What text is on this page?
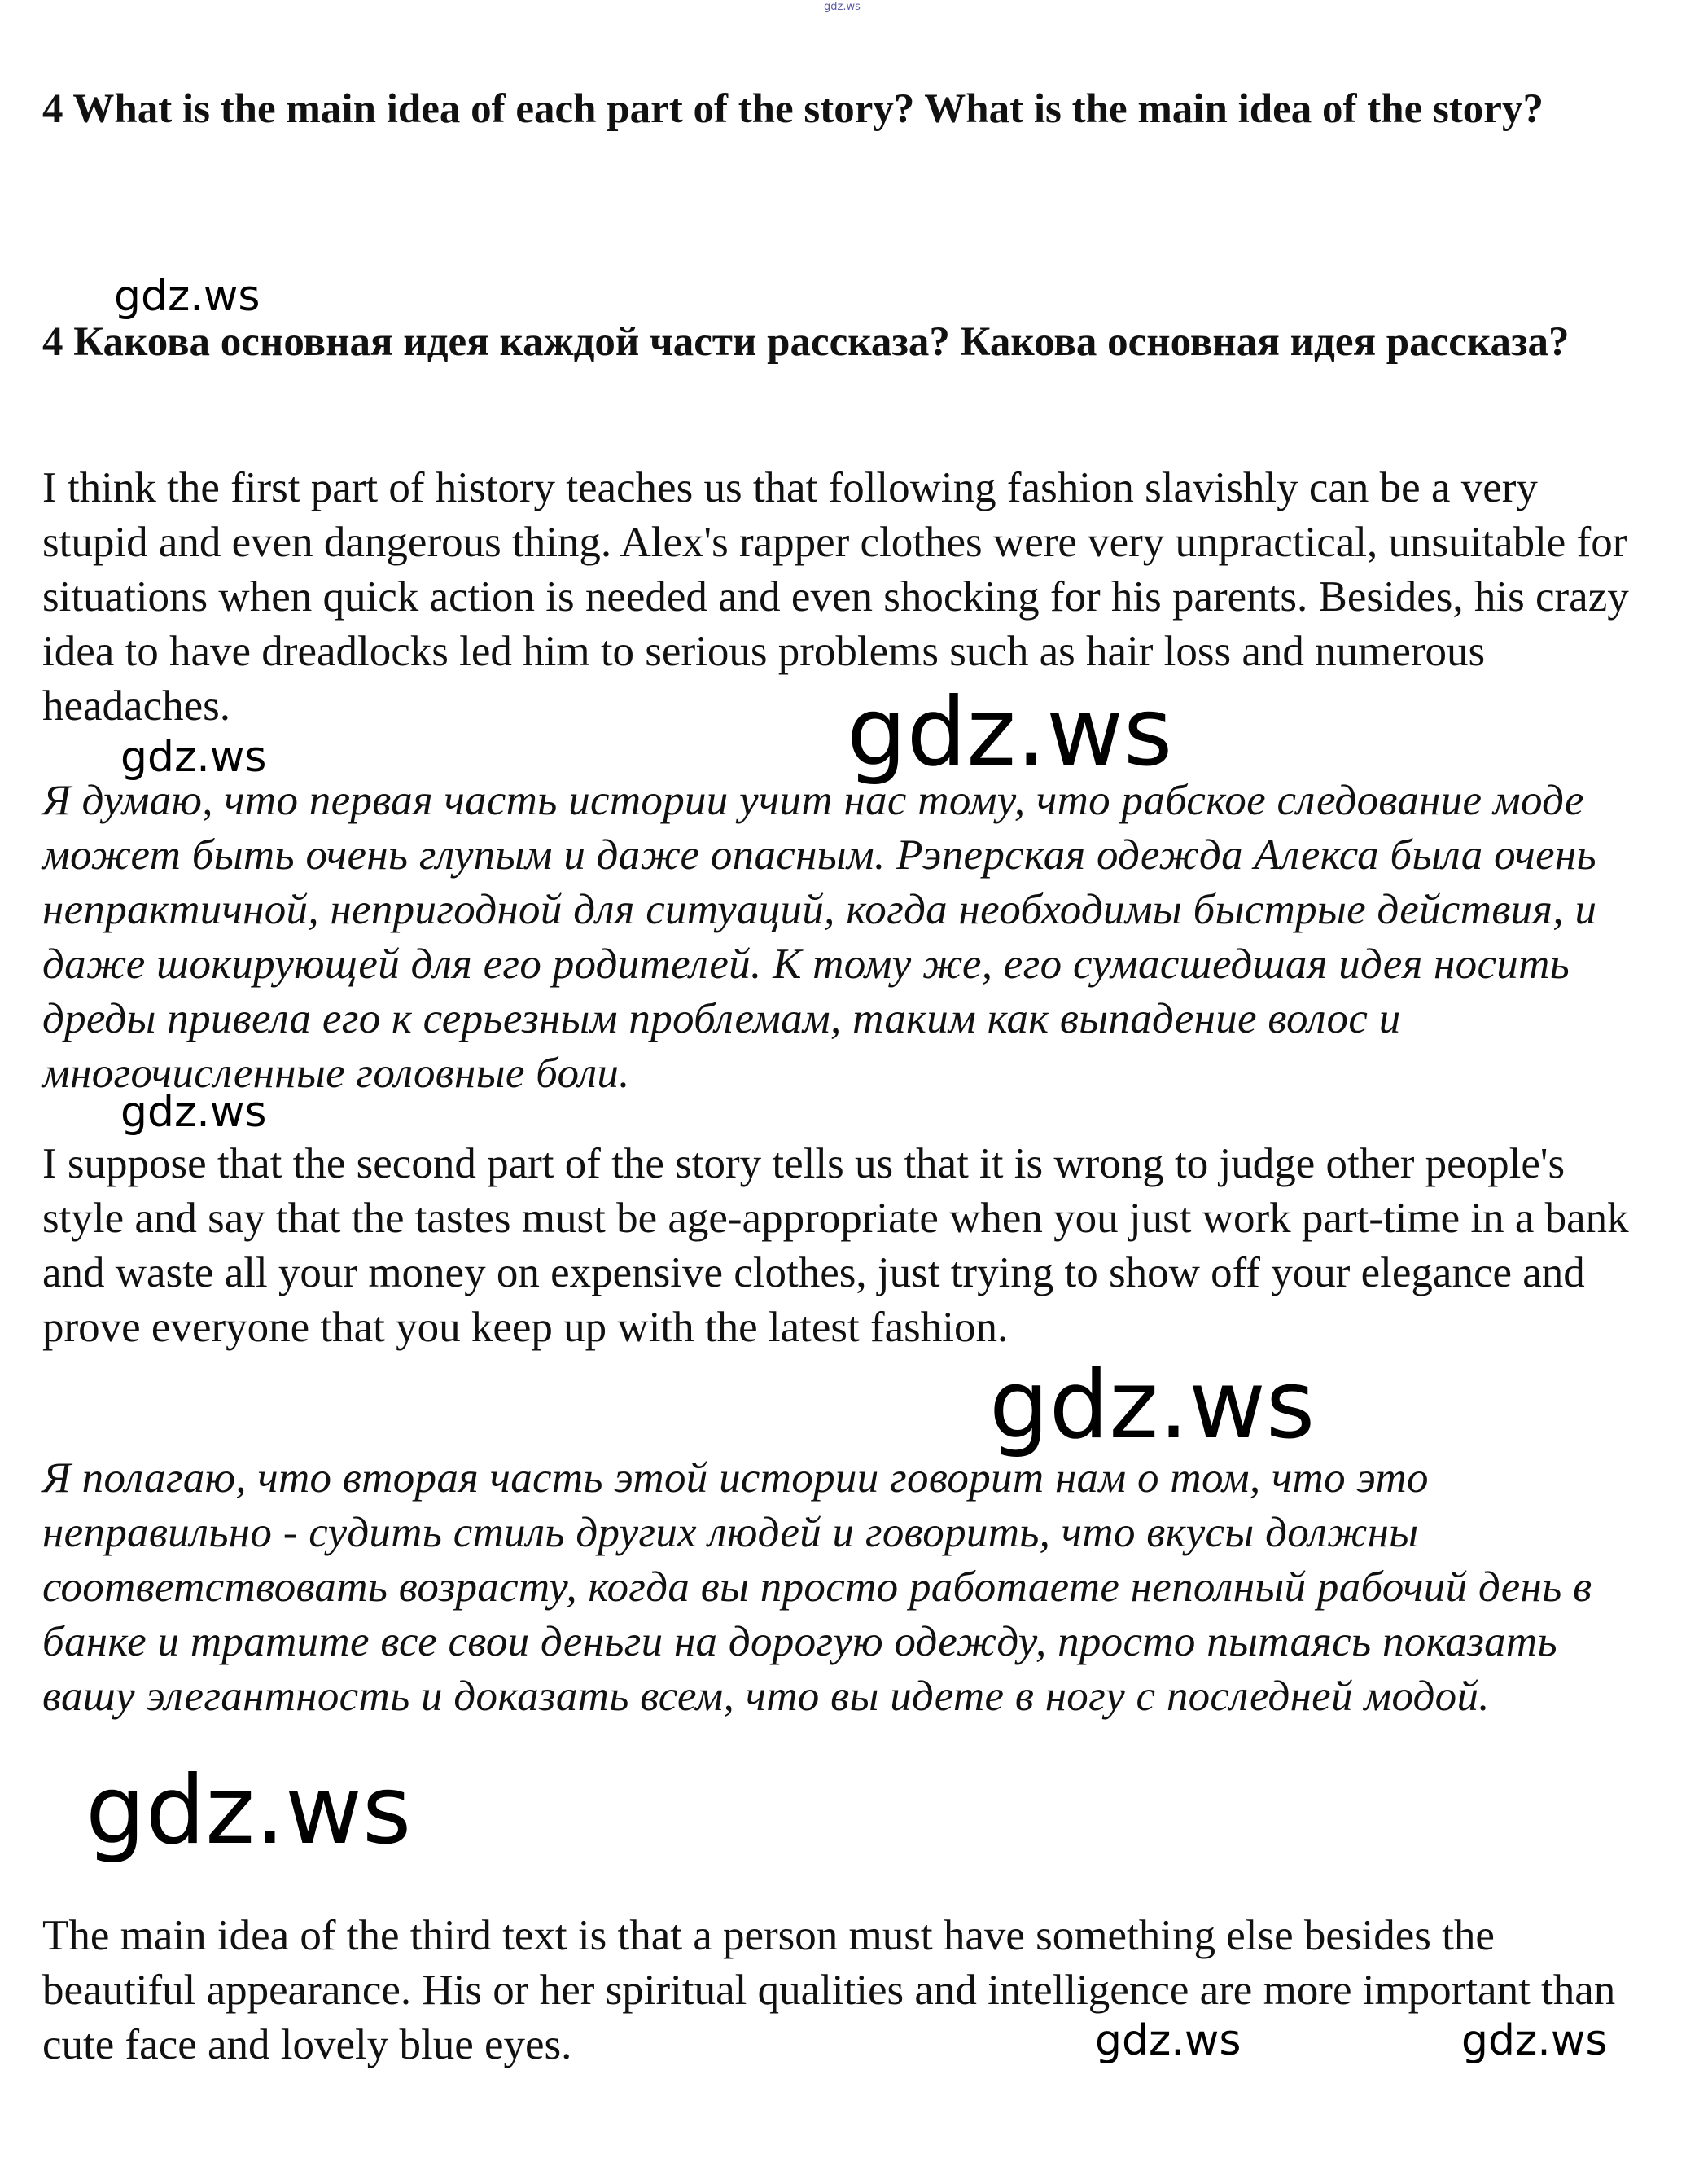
gdz.ws
4 What is the main idea of each part of the story? What is the main idea of the story?
gdz.ws
4 Какова основная идея каждой части рассказа? Какова основная идея рассказа?
I think the first part of history teaches us that following fashion slavishly can be a very stupid and even dangerous thing. Alex's rapper clothes were very unpractical, unsuitable for situations when quick action is needed and even shocking for his parents. Besides, his crazy idea to have dreadlocks led him to serious problems such as hair loss and numerous headaches.	gdz.ws
gdz.ws
Я думаю, что первая часть истории учит нас тому, что рабское следование моде может быть очень глупым и даже опасным. Рэперская одежда Алекса была очень непрактичной, непригодной для ситуаций, когда необходимы быстрые действия, и даже шокирующей для его родителей. К тому же, его сумасшедшая идея носить дреды привела его к серьезным проблемам, таким как выпадение волос и многочисленные головные боли.
gdz.ws
I suppose that the second part of the story tells us that it is wrong to judge other people's style and say that the tastes must be age-appropriate when you just work part-time in a bank and waste all your money on expensive clothes, just trying to show off your elegance and prove everyone that you keep up with the latest fashion.
gdz.ws
Я полагаю, что вторая часть этой истории говорит нам о том, что это неправильно - судить стиль других людей и говорить, что вкусы должны соответствовать возрасту, когда вы просто работаете неполный рабочий день в банке и тратите все свои деньги на дорогую одежду, просто пытаясь показать вашу элегантность и доказать всем, что вы идете в ногу с последней модой.
gdz.ws
The main idea of the third text is that a person must have something else besides the beautiful appearance. His or her spiritual qualities and intelligence are more important than cute face and lovely blue eyes.	gdz.ws	gdz.ws
